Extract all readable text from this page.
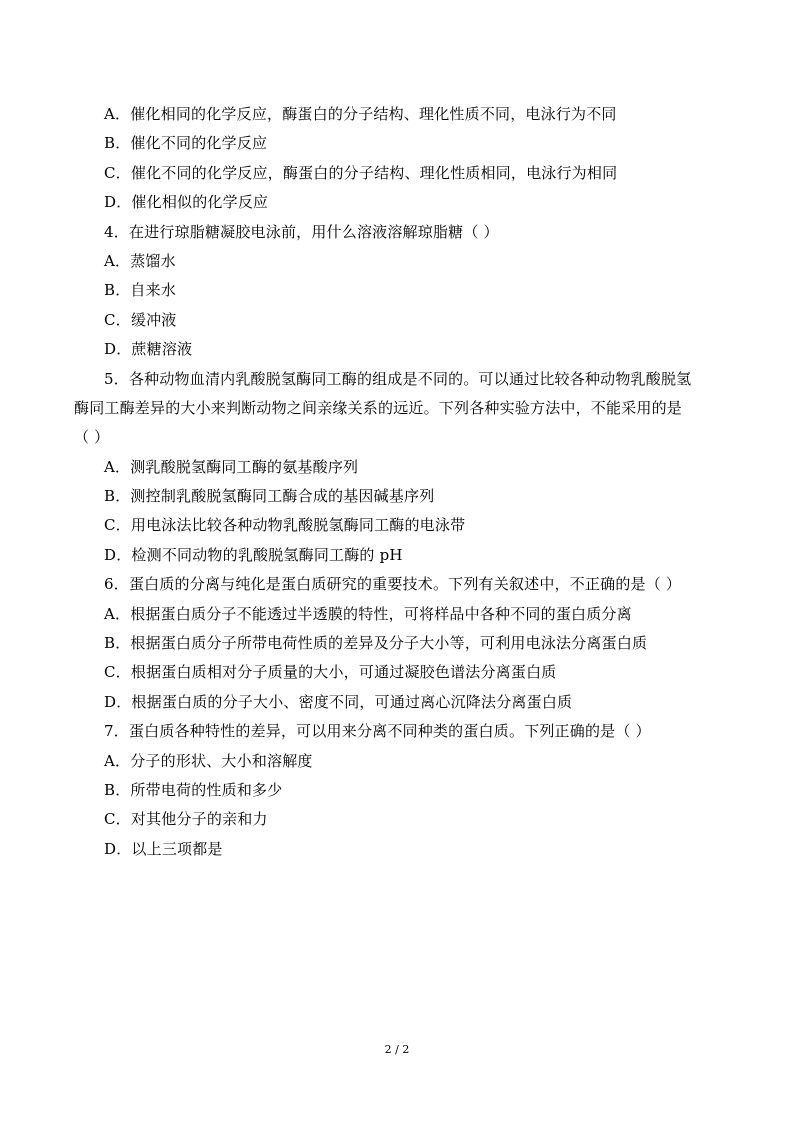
A．催化相同的化学反应，酶蛋白的分子结构、理化性质不同，电泳行为不同
B．催化不同的化学反应
C．催化不同的化学反应，酶蛋白的分子结构、理化性质相同，电泳行为相同
D．催化相似的化学反应
4．在进行琼脂糖凝胶电泳前，用什么溶液溶解琼脂糖（ ）
A．蒸馏水
B．自来水
C．缓冲液
D．蔗糖溶液
5．各种动物血清内乳酸脱氢酶同工酶的组成是不同的。可以通过比较各种动物乳酸脱氢
酶同工酶差异的大小来判断动物之间亲缘关系的远近。下列各种实验方法中，不能采用的是
（ ）
A．测乳酸脱氢酶同工酶的氨基酸序列
B．测控制乳酸脱氢酶同工酶合成的基因碱基序列
C．用电泳法比较各种动物乳酸脱氢酶同工酶的电泳带
D．检测不同动物的乳酸脱氢酶同工酶的 pH
6．蛋白质的分离与纯化是蛋白质研究的重要技术。下列有关叙述中，不正确的是（ ）
A．根据蛋白质分子不能透过半透膜的特性，可将样品中各种不同的蛋白质分离
B．根据蛋白质分子所带电荷性质的差异及分子大小等，可利用电泳法分离蛋白质
C．根据蛋白质相对分子质量的大小，可通过凝胶色谱法分离蛋白质
D．根据蛋白质的分子大小、密度不同，可通过离心沉降法分离蛋白质
7．蛋白质各种特性的差异，可以用来分离不同种类的蛋白质。下列正确的是（ ）
A．分子的形状、大小和溶解度
B．所带电荷的性质和多少
C．对其他分子的亲和力
D．以上三项都是
2 / 2
